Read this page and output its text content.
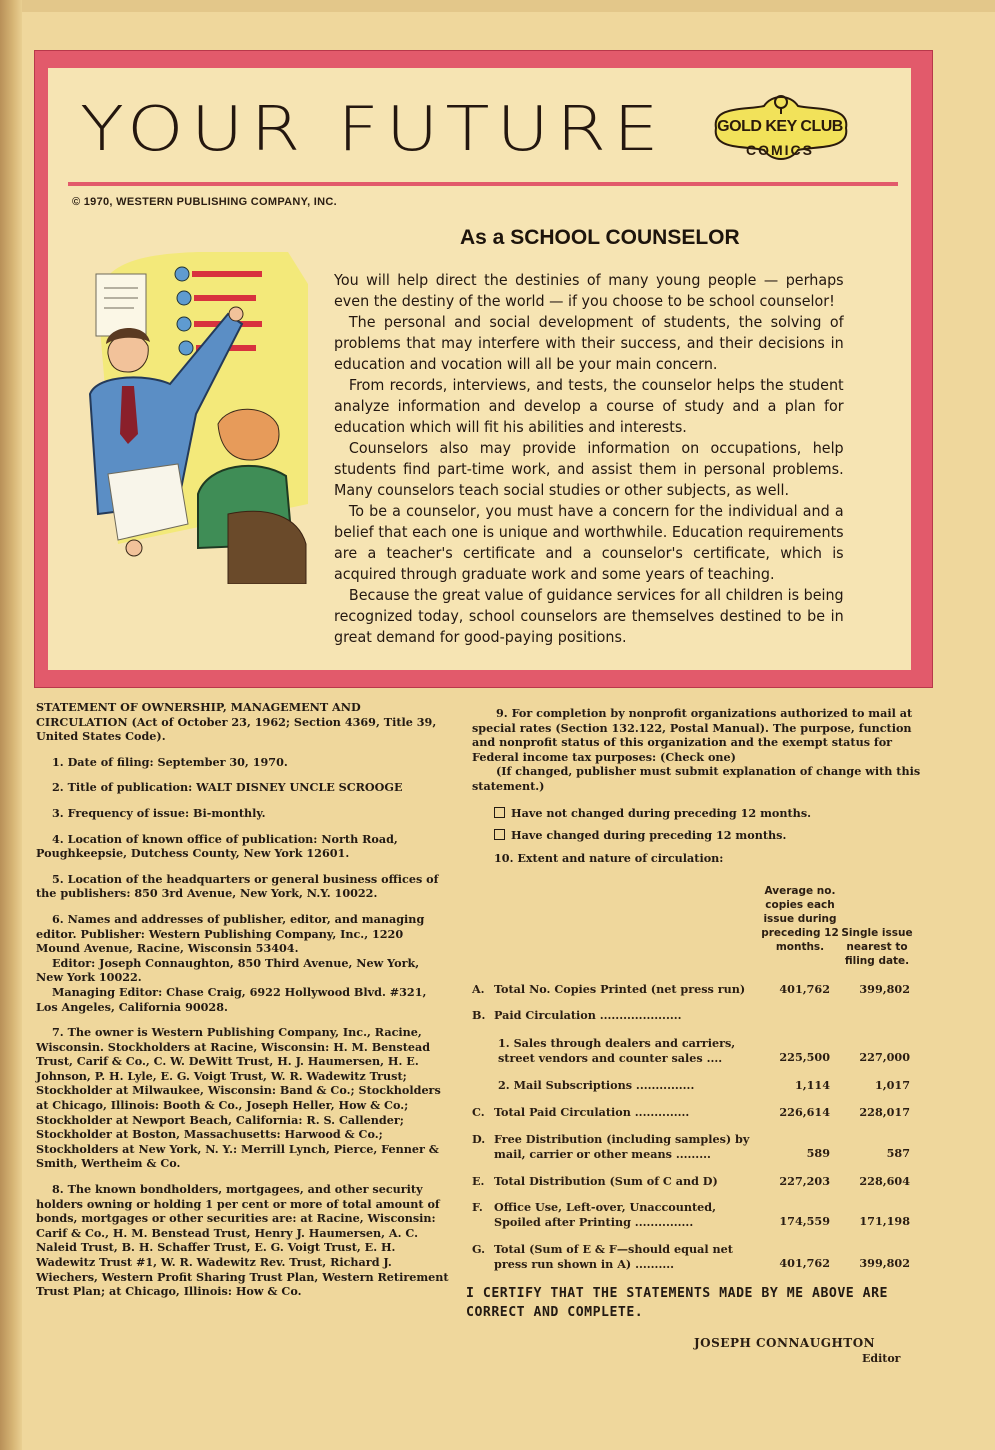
YOUR FUTURE	GOLD KEY CLUB
COMICS
© 1970, WESTERN PUBLISHING COMPANY, INC.
As a SCHOOL COUNSELOR

You will help direct the destinies of many young people — perhaps even the destiny of the world — if you choose to be school counselor!

The personal and social development of students, the solving of problems that may interfere with their success, and their decisions in education and vocation will all be your main concern.

From records, interviews, and tests, the counselor helps the student analyze information and develop a course of study and a plan for education which will fit his abilities and interests.

Counselors also may provide information on occupations, help students find part-time work, and assist them in personal problems. Many counselors teach social studies or other subjects, as well.

To be a counselor, you must have a concern for the individual and a belief that each one is unique and worthwhile. Education requirements are a teacher's certificate and a counselor's certificate, which is acquired through graduate work and some years of teaching.

Because the great value of guidance services for all children is being recognized today, school counselors are themselves destined to be in great demand for good-paying positions.

STATEMENT OF OWNERSHIP, MANAGEMENT AND CIRCULATION (Act of October 23, 1962; Section 4369, Title 39, United States Code).

1. Date of filing: September 30, 1970.

2. Title of publication: WALT DISNEY UNCLE SCROOGE

3. Frequency of issue: Bi-monthly.

4. Location of known office of publication: North Road, Poughkeepsie, Dutchess County, New York 12601.

5. Location of the headquarters or general business offices of the publishers: 850 3rd Avenue, New York, N.Y. 10022.

6. Names and addresses of publisher, editor, and managing editor. Publisher: Western Publishing Company, Inc., 1220 Mound Avenue, Racine, Wisconsin 53404.

Editor: Joseph Connaughton, 850 Third Avenue, New York, New York 10022.

Managing Editor: Chase Craig, 6922 Hollywood Blvd. #321, Los Angeles, California 90028.

7. The owner is Western Publishing Company, Inc., Racine, Wisconsin. Stockholders at Racine, Wisconsin: H. M. Benstead Trust, Carif & Co., C. W. DeWitt Trust, H. J. Haumersen, H. E. Johnson, P. H. Lyle, E. G. Voigt Trust, W. R. Wadewitz Trust; Stockholder at Milwaukee, Wisconsin: Band & Co.; Stockholders at Chicago, Illinois: Booth & Co., Joseph Heller, How & Co.; Stockholder at Newport Beach, California: R. S. Callender; Stockholder at Boston, Massachusetts: Harwood & Co.; Stockholders at New York, N. Y.: Merrill Lynch, Pierce, Fenner & Smith, Wertheim & Co.

8. The known bondholders, mortgagees, and other security holders owning or holding 1 per cent or more of total amount of bonds, mortgages or other securities are: at Racine, Wisconsin: Carif & Co., H. M. Benstead Trust, Henry J. Haumersen, A. C. Naleid Trust, B. H. Schaffer Trust, E. G. Voigt Trust, E. H. Wadewitz Trust #1, W. R. Wadewitz Rev. Trust, Richard J. Wiechers, Western Profit Sharing Trust Plan, Western Retirement Trust Plan; at Chicago, Illinois: How & Co.

9. For completion by nonprofit organizations authorized to mail at special rates (Section 132.122, Postal Manual). The purpose, function and nonprofit status of this organization and the exempt status for Federal income tax purposes: (Check one)

(If changed, publisher must submit explanation of change with this statement.)

Have not changed during preceding 12 months.

Have changed during preceding 12 months.

10. Extent and nature of circulation:

Average no. copies each issue during preceding 12 months.
Single issue nearest to filing date.
A. Total No. Copies Printed (net press run)	401,762	399,802
B. Paid Circulation .....................
1. Sales through dealers and carriers, street vendors and counter sales ....	225,500	227,000
2. Mail Subscriptions ...............	1,114	1,017
C. Total Paid Circulation ..............	226,614	228,017
D. Free Distribution (including samples) by mail, carrier or other means .........	589	587
E. Total Distribution (Sum of C and D)	227,203	228,604
F.	Office Use, Left-over, Unaccounted, Spoiled after Printing ...............	174,559	171,198
G. Total (Sum of E & F—should equal net press run shown in A) ..........	401,762	399,802
I CERTIFY THAT THE STATEMENTS MADE BY ME ABOVE ARE CORRECT AND COMPLETE.
JOSEPH CONNAUGHTON
Editor
